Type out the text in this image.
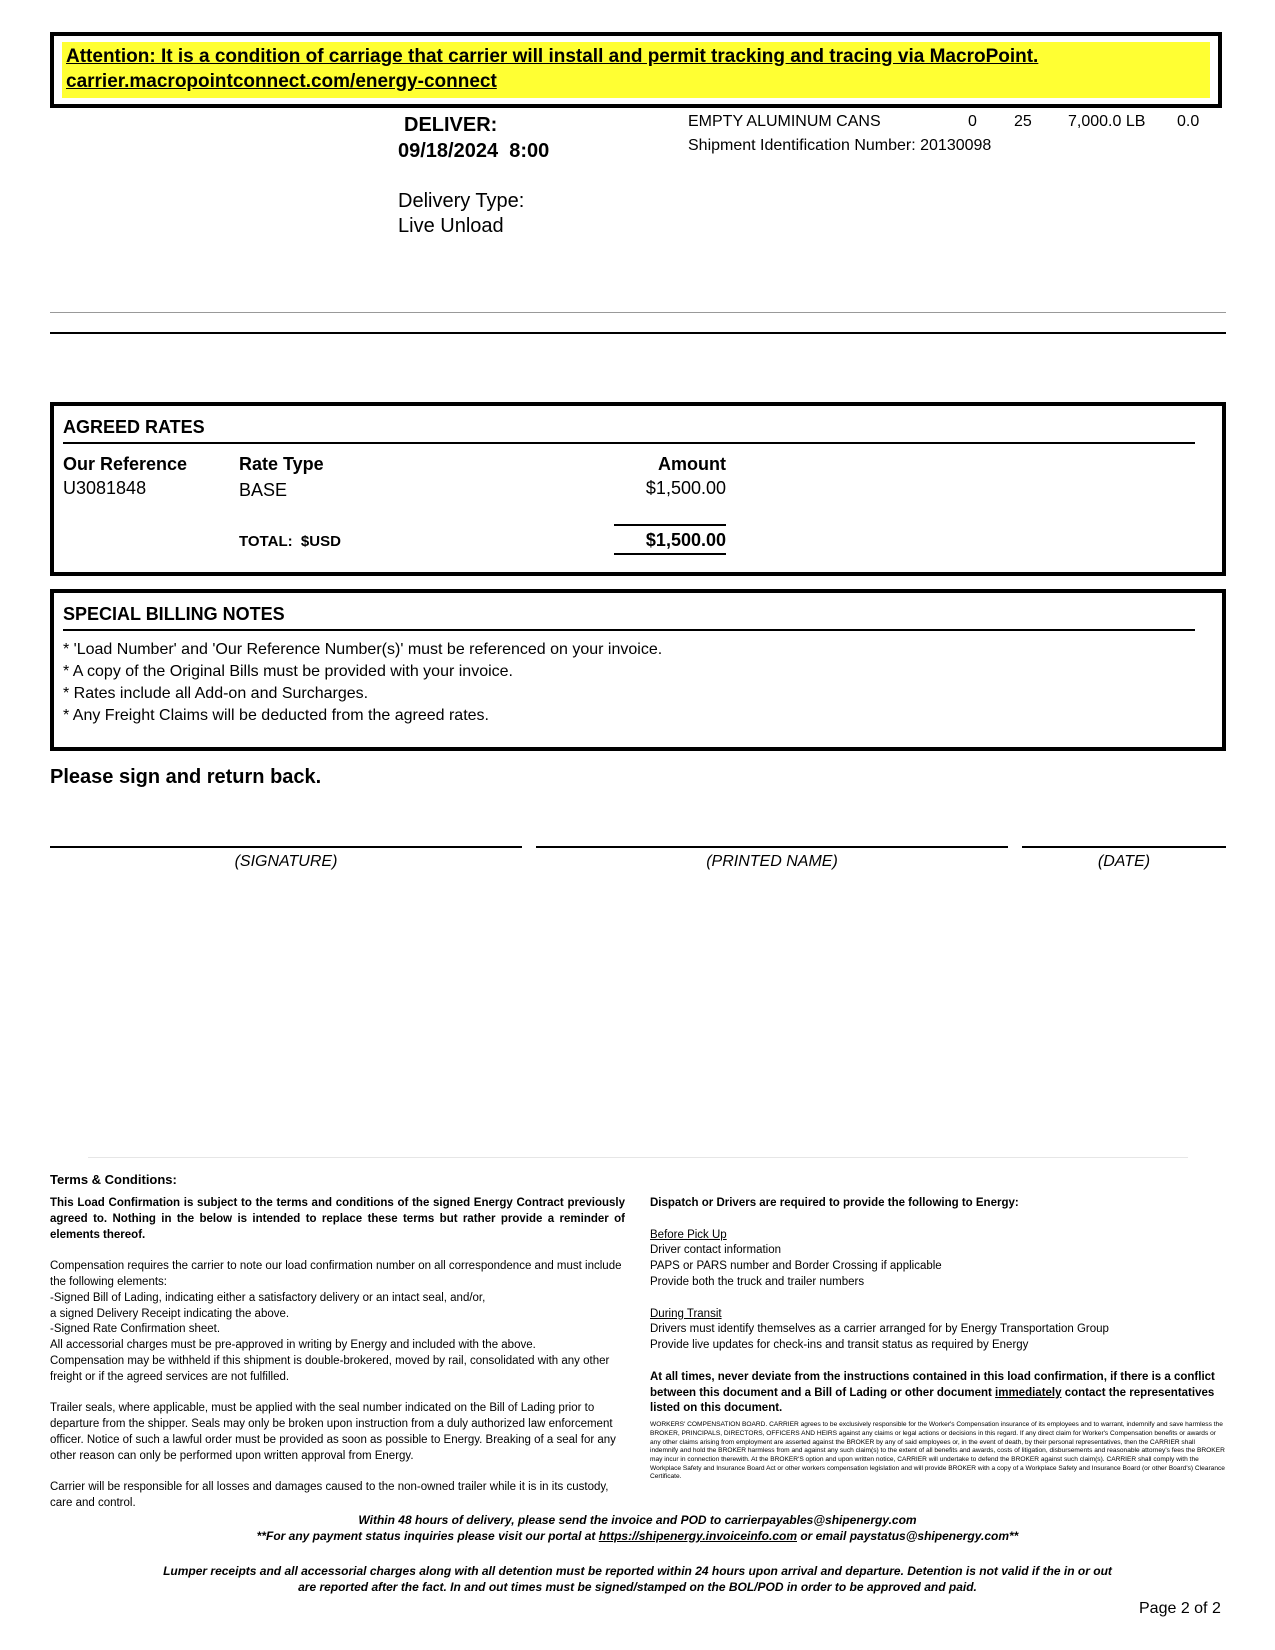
Attention: It is a condition of carriage that carrier will install and permit tracking and tracing via MacroPoint.
carrier.macropointconnect.com/energy-connect
DELIVER:
09/18/2024  8:00
Delivery Type:
Live Unload
EMPTY ALUMINUM CANS	0 25 7,000.0 LB 0.0
Shipment Identification Number: 20130098
AGREED RATES
Our Reference	Rate Type	Amount
U3081848	BASE	$1,500.00
TOTAL:  $USD	$1,500.00
SPECIAL BILLING NOTES
* 'Load Number' and 'Our Reference Number(s)' must be referenced on your invoice.
* A copy of the Original Bills must be provided with your invoice.
* Rates include all Add-on and Surcharges.
* Any Freight Claims will be deducted from the agreed rates.
Please sign and return back.
(SIGNATURE)	(PRINTED NAME)	(DATE)
Terms & Conditions:

This Load Confirmation is subject to the terms and conditions of the signed Energy Contract previously agreed to. Nothing in the below is intended to replace these terms but rather provide a reminder of elements thereof.

Compensation requires the carrier to note our load confirmation number on all correspondence and must include the following elements:
-Signed Bill of Lading, indicating either a satisfactory delivery or an intact seal, and/or,
a signed Delivery Receipt indicating the above.
-Signed Rate Confirmation sheet.
All accessorial charges must be pre-approved in writing by Energy and included with the above.
Compensation may be withheld if this shipment is double-brokered, moved by rail, consolidated with any other freight or if the agreed services are not fulfilled.

Trailer seals, where applicable, must be applied with the seal number indicated on the Bill of Lading prior to departure from the shipper. Seals may only be broken upon instruction from a duly authorized law enforcement officer. Notice of such a lawful order must be provided as soon as possible to Energy. Breaking of a seal for any other reason can only be performed upon written approval from Energy.

Carrier will be responsible for all losses and damages caused to the non-owned trailer while it is in its custody, care and control.

Dispatch or Drivers are required to provide the following to Energy:

Before Pick Up
Driver contact information
PAPS or PARS number and Border Crossing if applicable
Provide both the truck and trailer numbers

During Transit
Drivers must identify themselves as a carrier arranged for by Energy Transportation Group
Provide live updates for check-ins and transit status as required by Energy

At all times, never deviate from the instructions contained in this load confirmation, if there is a conflict between this document and a Bill of Lading or other document immediately contact the representatives listed on this document.

WORKERS' COMPENSATION BOARD. CARRIER agrees to be exclusively responsible for the Worker's Compensation insurance of its employees and to warrant, indemnify and save harmless the BROKER, PRINCIPALS, DIRECTORS, OFFICERS AND HEIRS against any claims or legal actions or decisions in this regard. If any direct claim for Worker's Compensation benefits or awards or any other claims arising from employment are asserted against the BROKER by any of said employees or, in the event of death, by their personal representatives, then the CARRIER shall indemnify and hold the BROKER harmless from and against any such claim(s) to the extent of all benefits and awards, costs of litigation, disbursements and reasonable attorney's fees the BROKER may incur in connection therewith. At the BROKER'S option and upon written notice, CARRIER will undertake to defend the BROKER against such claim(s). CARRIER shall comply with the Workplace Safety and Insurance Board Act or other workers compensation legislation and will provide BROKER with a copy of a Workplace Safety and Insurance Board (or other Board's) Clearance Certificate.

Within 48 hours of delivery, please send the invoice and POD to carrierpayables@shipenergy.com
**For any payment status inquiries please visit our portal at https://shipenergy.invoiceinfo.com or email paystatus@shipenergy.com**
Lumper receipts and all accessorial charges along with all detention must be reported within 24 hours upon arrival and departure. Detention is not valid if the in or out
are reported after the fact. In and out times must be signed/stamped on the BOL/POD in order to be approved and paid.
Page 2 of 2
